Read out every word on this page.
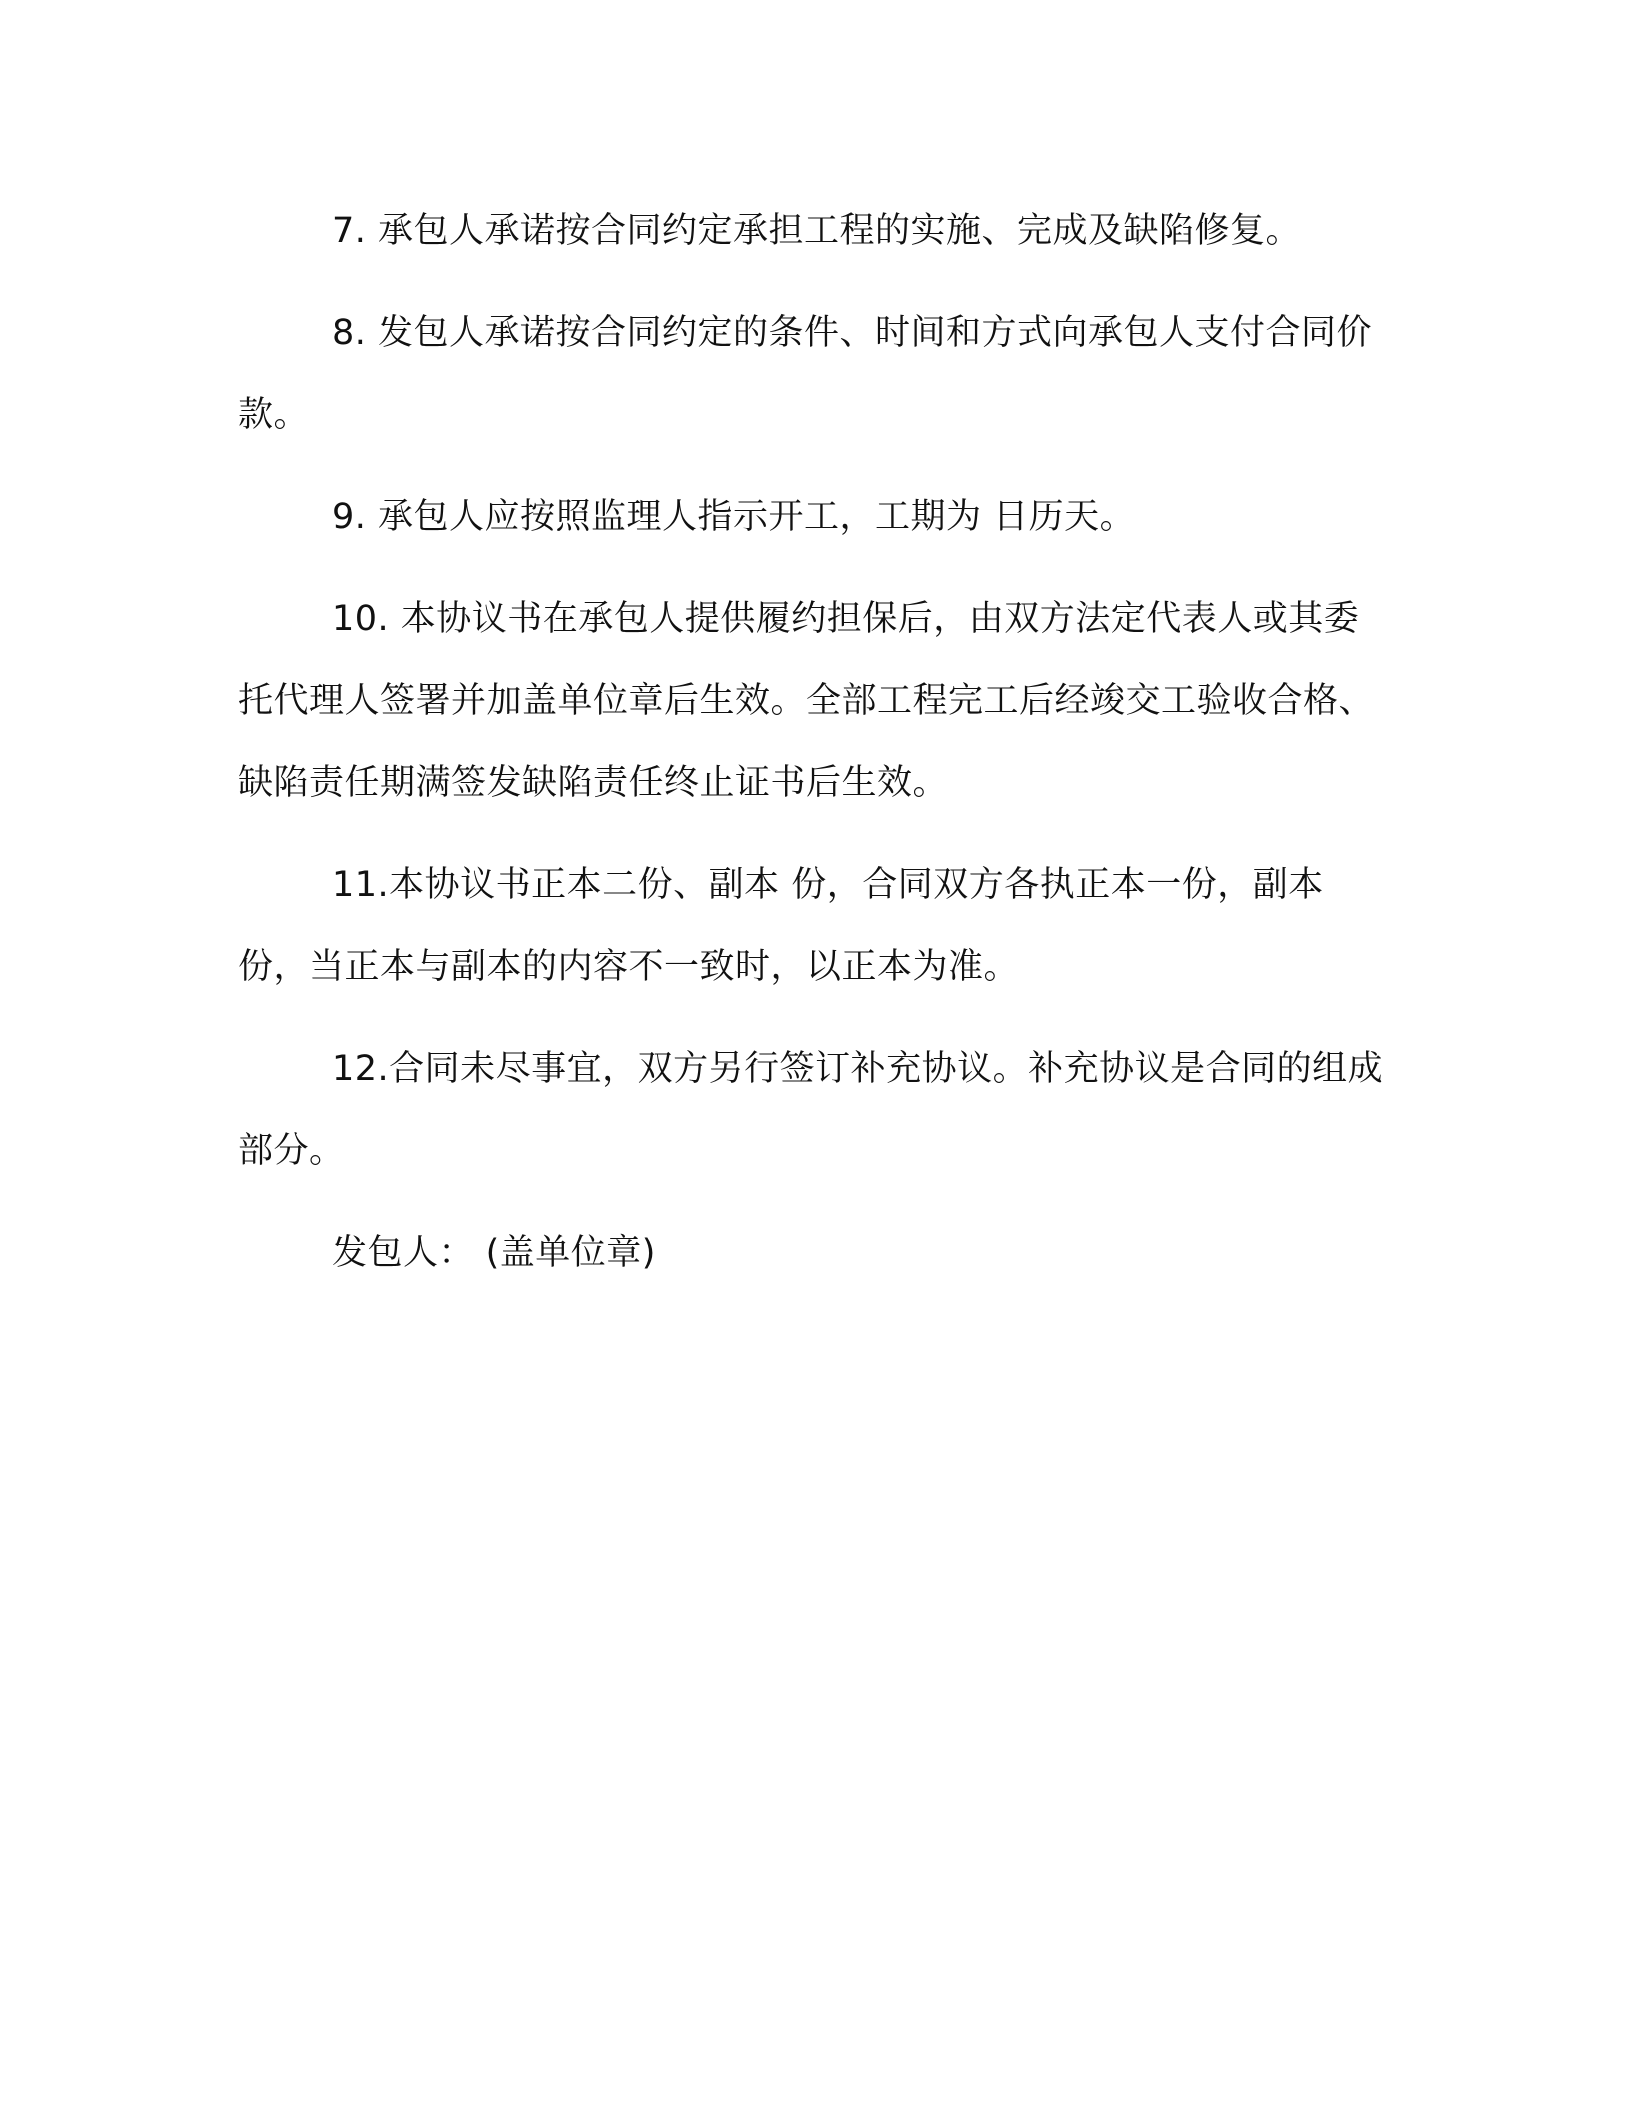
7. 承包人承诺按合同约定承担工程的实施、完成及缺陷修复。

8. 发包人承诺按合同约定的条件、时间和方式向承包人支付合同价款。

9. 承包人应按照监理人指示开工，工期为 日历天。

10. 本协议书在承包人提供履约担保后，由双方法定代表人或其委托代理人签署并加盖单位章后生效。全部工程完工后经竣交工验收合格、缺陷责任期满签发缺陷责任终止证书后生效。

11.本协议书正本二份、副本 份，合同双方各执正本一份，副本 份，当正本与副本的内容不一致时，以正本为准。

12.合同未尽事宜，双方另行签订补充协议。补充协议是合同的组成部分。

发包人： (盖单位章)
